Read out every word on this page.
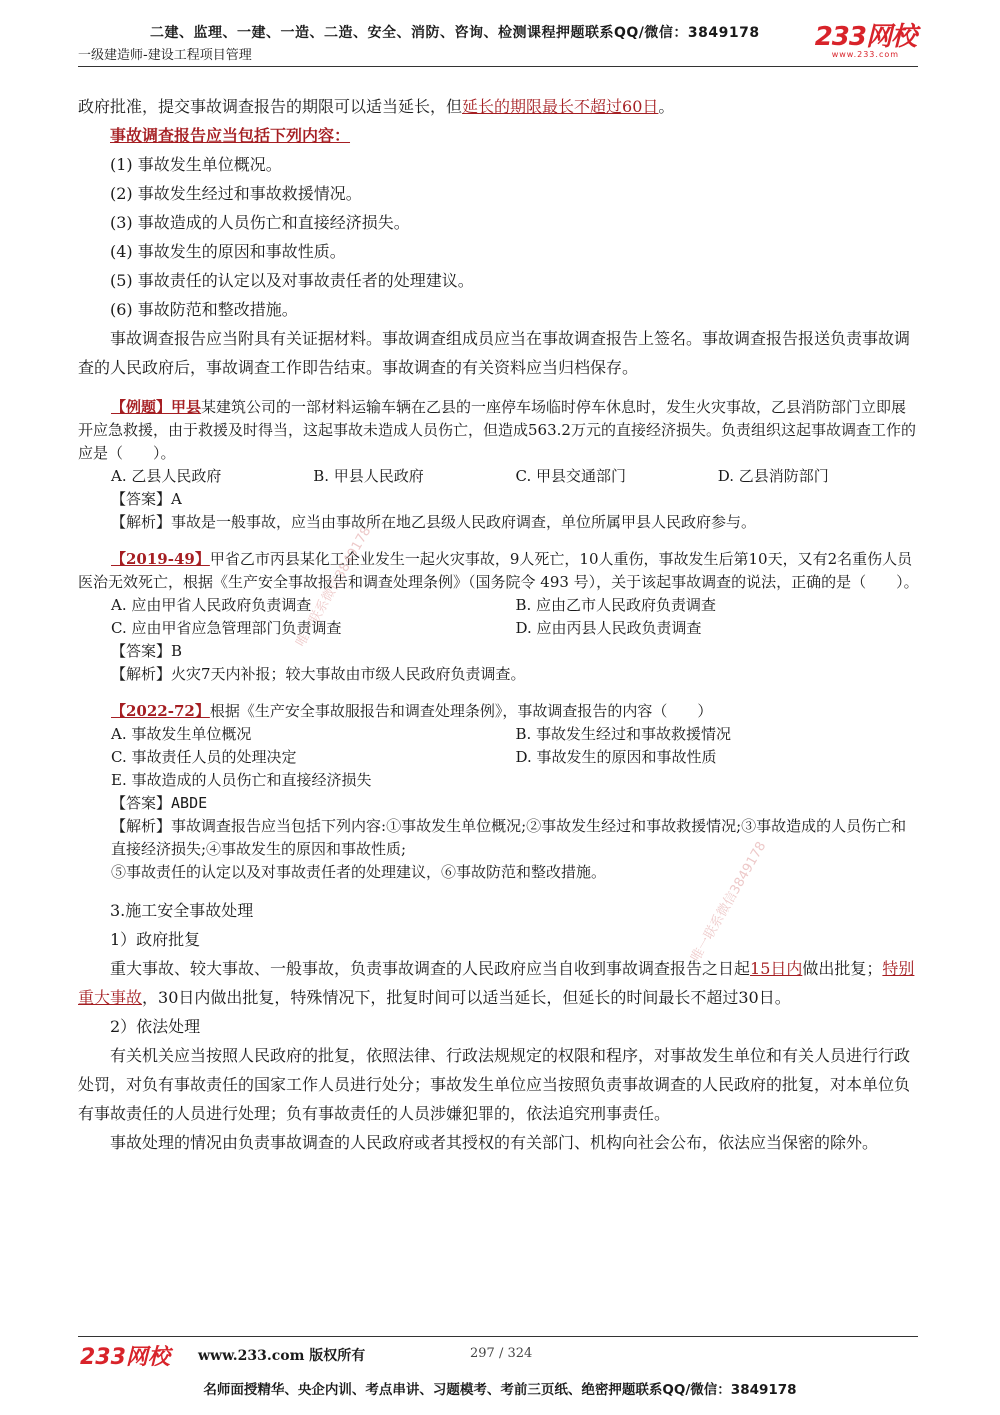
二建、监理、一建、一造、二造、安全、消防、咨询、检测课程押题联系QQ/微信：3849178
一级建造师-建设工程项目管理
233网校
www.233.com
唯一联系微信3849178
唯一联系微信3849178

政府批准，提交事故调查报告的期限可以适当延长，但延长的期限最长不超过60日。

事故调查报告应当包括下列内容：

(1) 事故发生单位概况。

(2) 事故发生经过和事故救援情况。

(3) 事故造成的人员伤亡和直接经济损失。

(4) 事故发生的原因和事故性质。

(5) 事故责任的认定以及对事故责任者的处理建议。

(6) 事故防范和整改措施。

事故调查报告应当附具有关证据材料。事故调查组成员应当在事故调查报告上签名。事故调查报告报送负责事故调查的人民政府后，事故调查工作即告结束。事故调查的有关资料应当归档保存。

【例题】甲县某建筑公司的一部材料运输车辆在乙县的一座停车场临时停车休息时，发生火灾事故，乙县消防部门立即展开应急救援，由于救援及时得当，这起事故未造成人员伤亡，但造成563.2万元的直接经济损失。负责组织这起事故调查工作的应是（　　）。

A. 乙县人民政府	B. 甲县人民政府	C. 甲县交通部门	D. 乙县消防部门

【答案】A

【解析】事故是一般事故，应当由事故所在地乙县级人民政府调查，单位所属甲县人民政府参与。

【2019-49】甲省乙市丙县某化工企业发生一起火灾事故，9人死亡，10人重伤，事故发生后第10天，又有2名重伤人员医治无效死亡，根据《生产安全事故报告和调查处理条例》（国务院令 493 号），关于该起事故调查的说法，正确的是（　　）。

A. 应由甲省人民政府负责调查	B. 应由乙市人民政府负责调查
C. 应由甲省应急管理部门负责调查	D. 应由丙县人民政负责调查

【答案】B

【解析】火灾7天内补报；较大事故由市级人民政府负责调查。

【2022-72】根据《生产安全事故服报告和调查处理条例》，事故调查报告的内容（　　）

A. 事故发生单位概况	B. 事故发生经过和事故救援情况
C. 事故责任人员的处理决定	D. 事故发生的原因和事故性质

E. 事故造成的人员伤亡和直接经济损失

【答案】ABDE

【解析】事故调查报告应当包括下列内容:①事故发生单位概况;②事故发生经过和事故救援情况;③事故造成的人员伤亡和直接经济损失;④事故发生的原因和事故性质;

⑤事故责任的认定以及对事故责任者的处理建议，⑥事故防范和整改措施。

3.施工安全事故处理

1）政府批复

重大事故、较大事故、一般事故，负责事故调查的人民政府应当自收到事故调查报告之日起15日内做出批复；特别重大事故，30日内做出批复，特殊情况下，批复时间可以适当延长，但延长的时间最长不超过30日。

2）依法处理

有关机关应当按照人民政府的批复，依照法律、行政法规规定的权限和程序，对事故发生单位和有关人员进行行政处罚，对负有事故责任的国家工作人员进行处分；事故发生单位应当按照负责事故调查的人民政府的批复，对本单位负有事故责任的人员进行处理；负有事故责任的人员涉嫌犯罪的，依法追究刑事责任。

事故处理的情况由负责事故调查的人民政府或者其授权的有关部门、机构向社会公布，依法应当保密的除外。

233网校 www.233.com 版权所有	297 / 324
名师面授精华、央企内训、考点串讲、习题模考、考前三页纸、绝密押题联系QQ/微信：3849178
